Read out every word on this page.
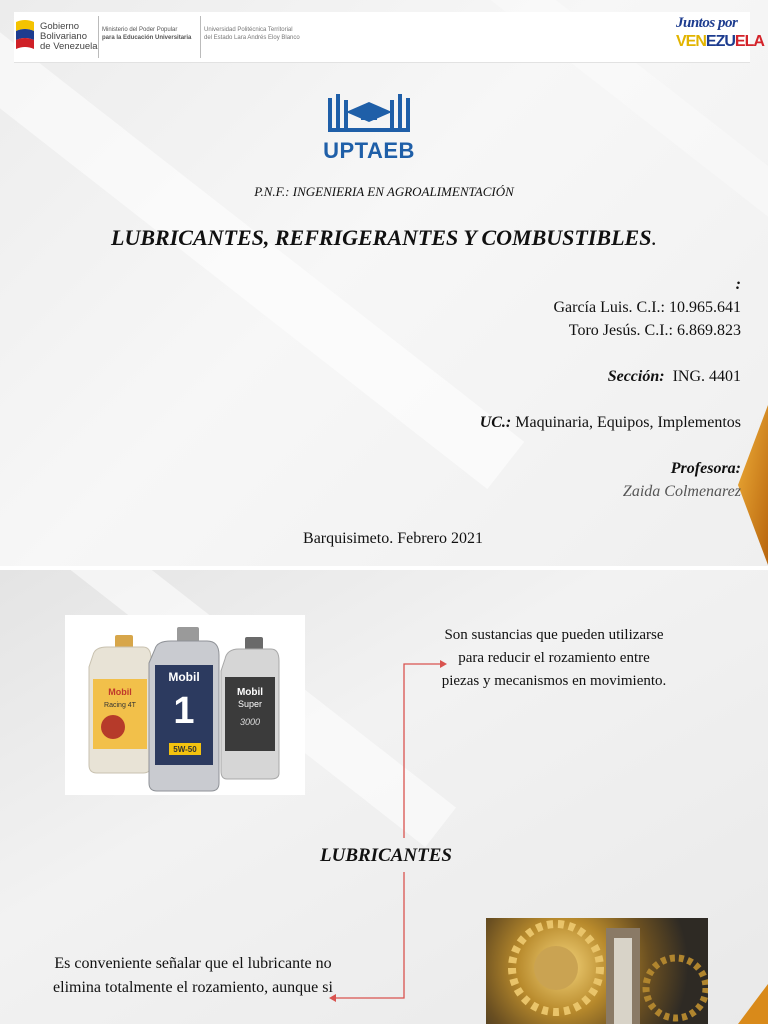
Gobierno
Bolivariano
de Venezuela
Ministerio del Poder Popular
para la Educación Universitaria
Universidad Politécnica Territorial
del Estado Lara Andrés Eloy Blanco
Juntos por
VENEZUELA
UPTAEB
P.N.F.: INGENIERIA EN AGROALIMENTACIÓN
LUBRICANTES, REFRIGERANTES Y COMBUSTIBLES.
:
García Luis. C.I.: 10.965.641
Toro Jesús. C.I.: 6.869.823
Sección: ING. 4401
UC.: Maquinaria, Equipos, Implementos
Profesora:
Zaida Colmenarez
Barquisimeto. Febrero 2021
Mobil
Racing 4T
Mobil
Super
3000
Mobil
1
5W-50
Son sustancias que pueden utilizarse para reducir el rozamiento entre piezas y mecanismos en movimiento.
LUBRICANTES
Es conveniente señalar que el lubricante no elimina totalmente el rozamiento, aunque si
